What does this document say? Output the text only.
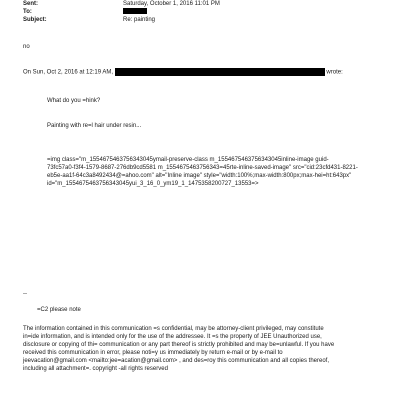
Sent:	Saturday, October 1, 2016 11:01 PM
To:
Subject:	Re: painting
no
On Sun, Oct 2, 2016 at 12:19 AM,	wrote:
What do you =hink?
Painting with re=l hair under resin...
=img class="m_1554675463756343045ymail-preserve-class m_1554675463756343045inline-image guid-
73fc57a0-f3f4-1579-8687-276db9cd5581 m_1554675463756343=45rte-inline-saved-image" src="cid:23cfd431-8221-
eb5e-aa1f-64c3a8492434@=ahoo.com" alt="Inline image" style="width:100%;max-width:800px;max-hei=ht:643px"
id="m_1554675463756343045yui_3_16_0_ym19_1_1475358200727_13553=>
--
=C2 please note
The information contained in this communication =s confidential, may be attorney-client privileged, may constitute
in=ide information, and is intended only for the use of the addressee. It =s the property of JEE Unauthorized use,
disclosure or copying of thi= communication or any part thereof is strictly prohibited and may be=unlawful. If you have
received this communication in error, please noti=y us immediately by return e-mail or by e-mail to
jeevacation@gmail.com <mailto:jee=acation@gmail.com> , and des=roy this communication and all copies thereof,
including all attachment=. copyright -all rights reserved
